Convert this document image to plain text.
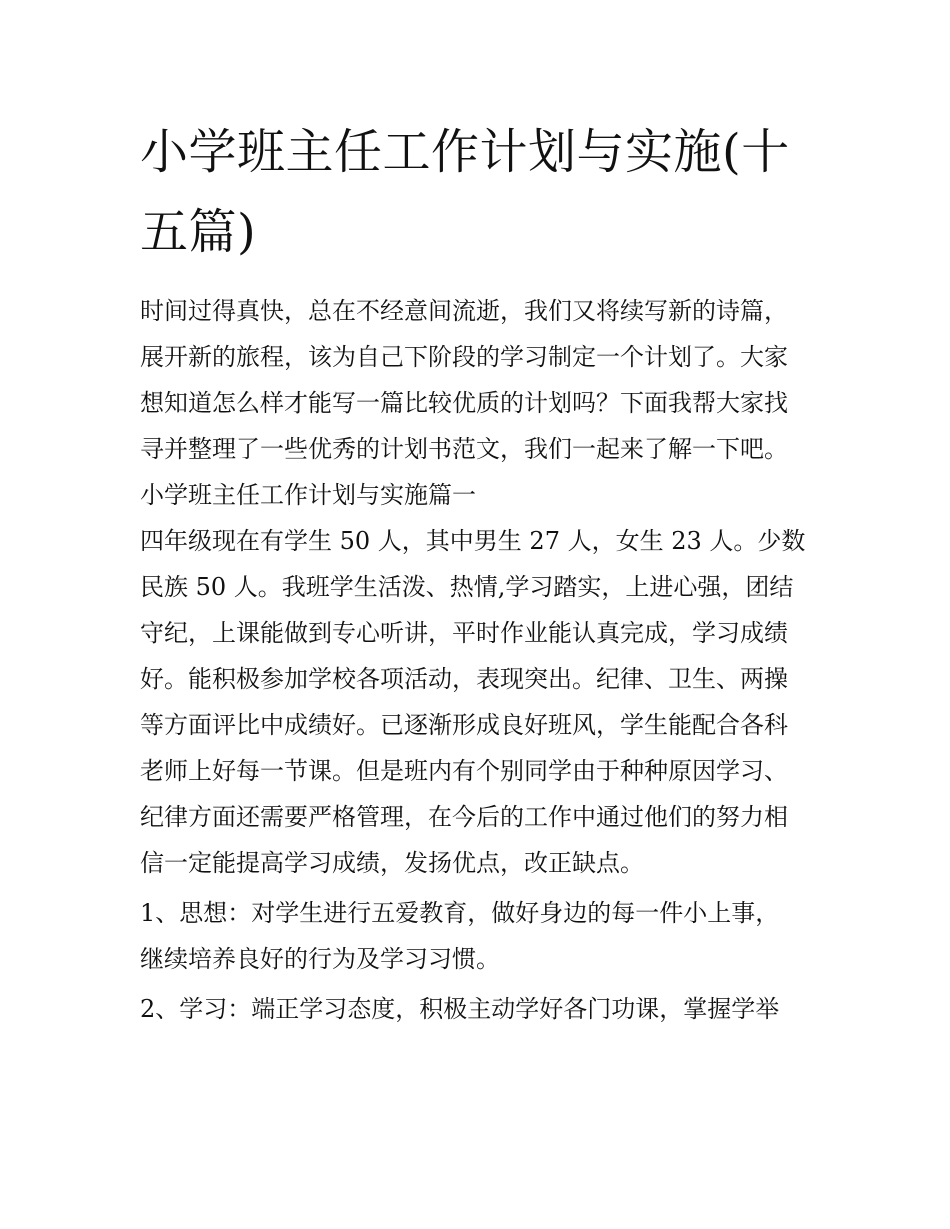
小学班主任工作计划与实施(十
五篇)

时间过得真快，总在不经意间流逝，我们又将续写新的诗篇，
展开新的旅程，该为自己下阶段的学习制定一个计划了。大家
想知道怎么样才能写一篇比较优质的计划吗？下面我帮大家找
寻并整理了一些优秀的计划书范文，我们一起来了解一下吧。

小学班主任工作计划与实施篇一

四年级现在有学生 50 人，其中男生 27 人，女生 23 人。少数
民族 50 人。我班学生活泼、热情,学习踏实，上进心强，团结
守纪，上课能做到专心听讲，平时作业能认真完成，学习成绩
好。能积极参加学校各项活动，表现突出。纪律、卫生、两操
等方面评比中成绩好。已逐渐形成良好班风，学生能配合各科
老师上好每一节课。但是班内有个别同学由于种种原因学习、
纪律方面还需要严格管理，在今后的工作中通过他们的努力相
信一定能提高学习成绩，发扬优点，改正缺点。

1、思想：对学生进行五爱教育，做好身边的每一件小上事，
继续培养良好的行为及学习习惯。

2、学习：端正学习态度，积极主动学好各门功课，掌握学举
